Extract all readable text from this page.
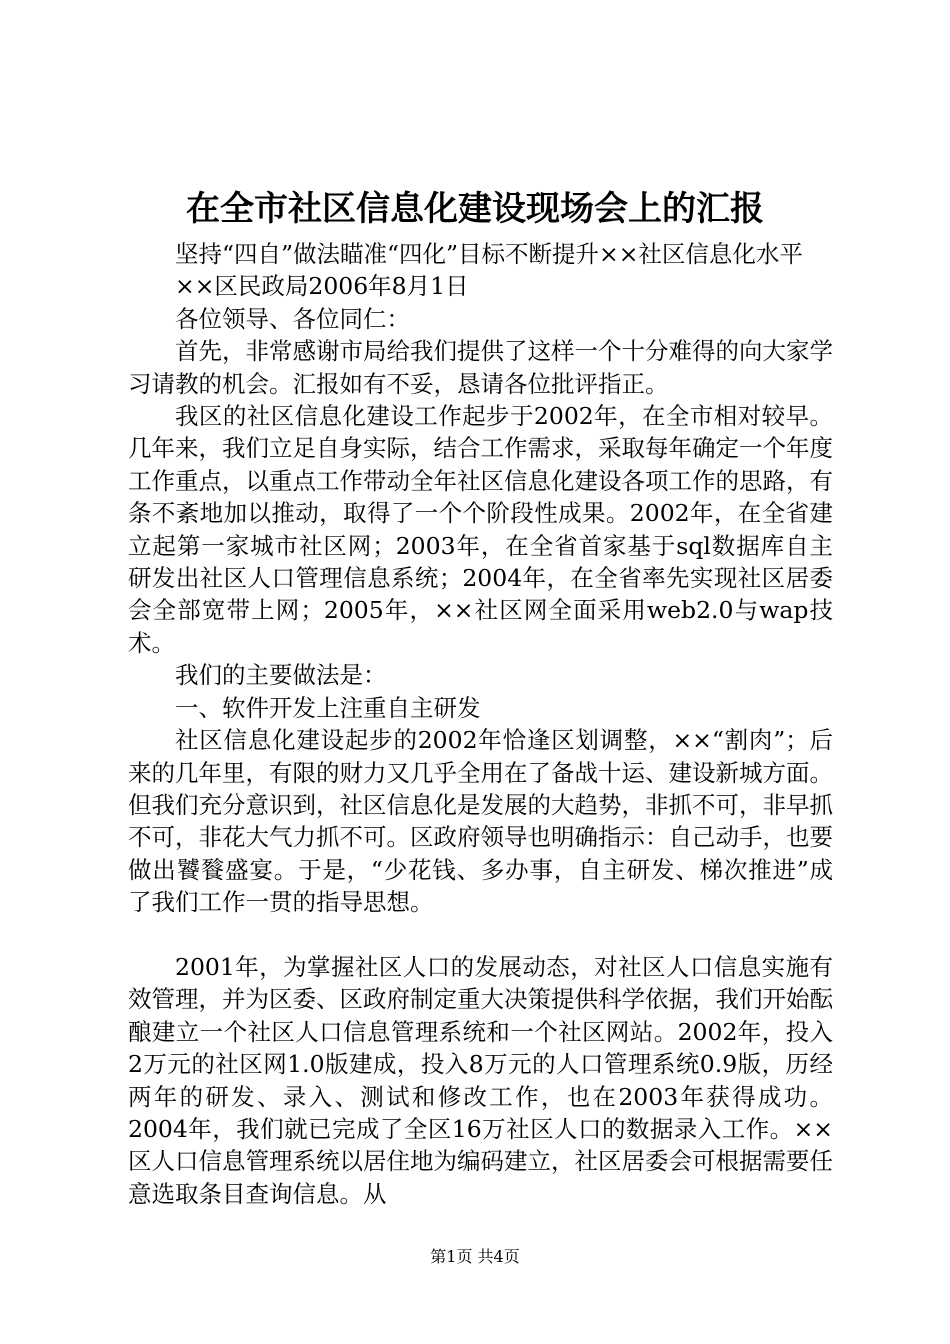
在全市社区信息化建设现场会上的汇报

坚持“四自”做法瞄准“四化”目标不断提升××社区信息化水平

××区民政局2006年8月1日

各位领导、各位同仁：

首先，非常感谢市局给我们提供了这样一个十分难得的向大家学习请教的机会。汇报如有不妥，恳请各位批评指正。

我区的社区信息化建设工作起步于2002年，在全市相对较早。几年来，我们立足自身实际，结合工作需求，采取每年确定一个年度工作重点，以重点工作带动全年社区信息化建设各项工作的思路，有条不紊地加以推动，取得了一个个阶段性成果。2002年，在全省建立起第一家城市社区网；2003年，在全省首家基于sql数据库自主研发出社区人口管理信息系统；2004年，在全省率先实现社区居委会全部宽带上网；2005年，××社区网全面采用web2.0与wap技术。

我们的主要做法是：

一、软件开发上注重自主研发

社区信息化建设起步的2002年恰逢区划调整，××“割肉”；后来的几年里，有限的财力又几乎全用在了备战十运、建设新城方面。但我们充分意识到，社区信息化是发展的大趋势，非抓不可，非早抓不可，非花大气力抓不可。区政府领导也明确指示：自己动手，也要做出饕餮盛宴。于是，“少花钱、多办事，自主研发、梯次推进”成了我们工作一贯的指导思想。

2001年，为掌握社区人口的发展动态，对社区人口信息实施有效管理，并为区委、区政府制定重大决策提供科学依据，我们开始酝酿建立一个社区人口信息管理系统和一个社区网站。2002年，投入2万元的社区网1.0版建成，投入8万元的人口管理系统0.9版，历经两年的研发、录入、测试和修改工作，也在2003年获得成功。2004年，我们就已完成了全区16万社区人口的数据录入工作。××区人口信息管理系统以居住地为编码建立，社区居委会可根据需要任意选取条目查询信息。从

第1页 共4页
